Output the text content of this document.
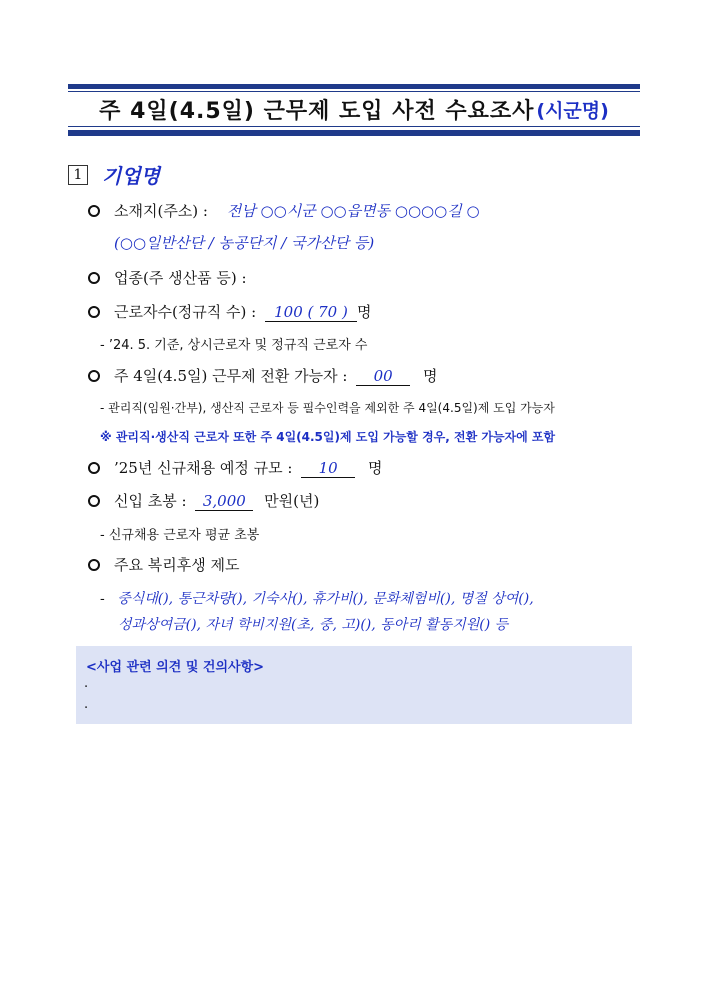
주 4일(4.5일) 근무제 도입 사전 수요조사 (시군명)
1 기업명
소재지(주소) : 전남 ○○시군 ○○읍면동 ○○○○길 ○
(○○일반산단 / 농공단지 / 국가산단 등)
업종(주 생산품 등) :
근로자수(정규직 수) : 100 ( 70 ) 명
- ’24. 5. 기준, 상시근로자 및 정규직 근로자 수
주 4일(4.5일) 근무제 전환 가능자 : 00 명
- 관리직(임원·간부), 생산직 근로자 등 필수인력을 제외한 주 4일(4.5일)제 도입 가능자
※ 관리직·생산직 근로자 또한 주 4일(4.5일)제 도입 가능할 경우, 전환 가능자에 포함
’25년 신규채용 예정 규모 : 10 명
신입 초봉 : 3,000 만원(년)
- 신규채용 근로자 평균 초봉
주요 복리후생 제도
- 중식대(), 통근차량(), 기숙사(), 휴가비(), 문화체험비(), 명절 상여(),
성과상여금(), 자녀 학비지원(초, 중, 고)(), 동아리 활동지원() 등
<사업 관련 의견 및 건의사항>
.
.
